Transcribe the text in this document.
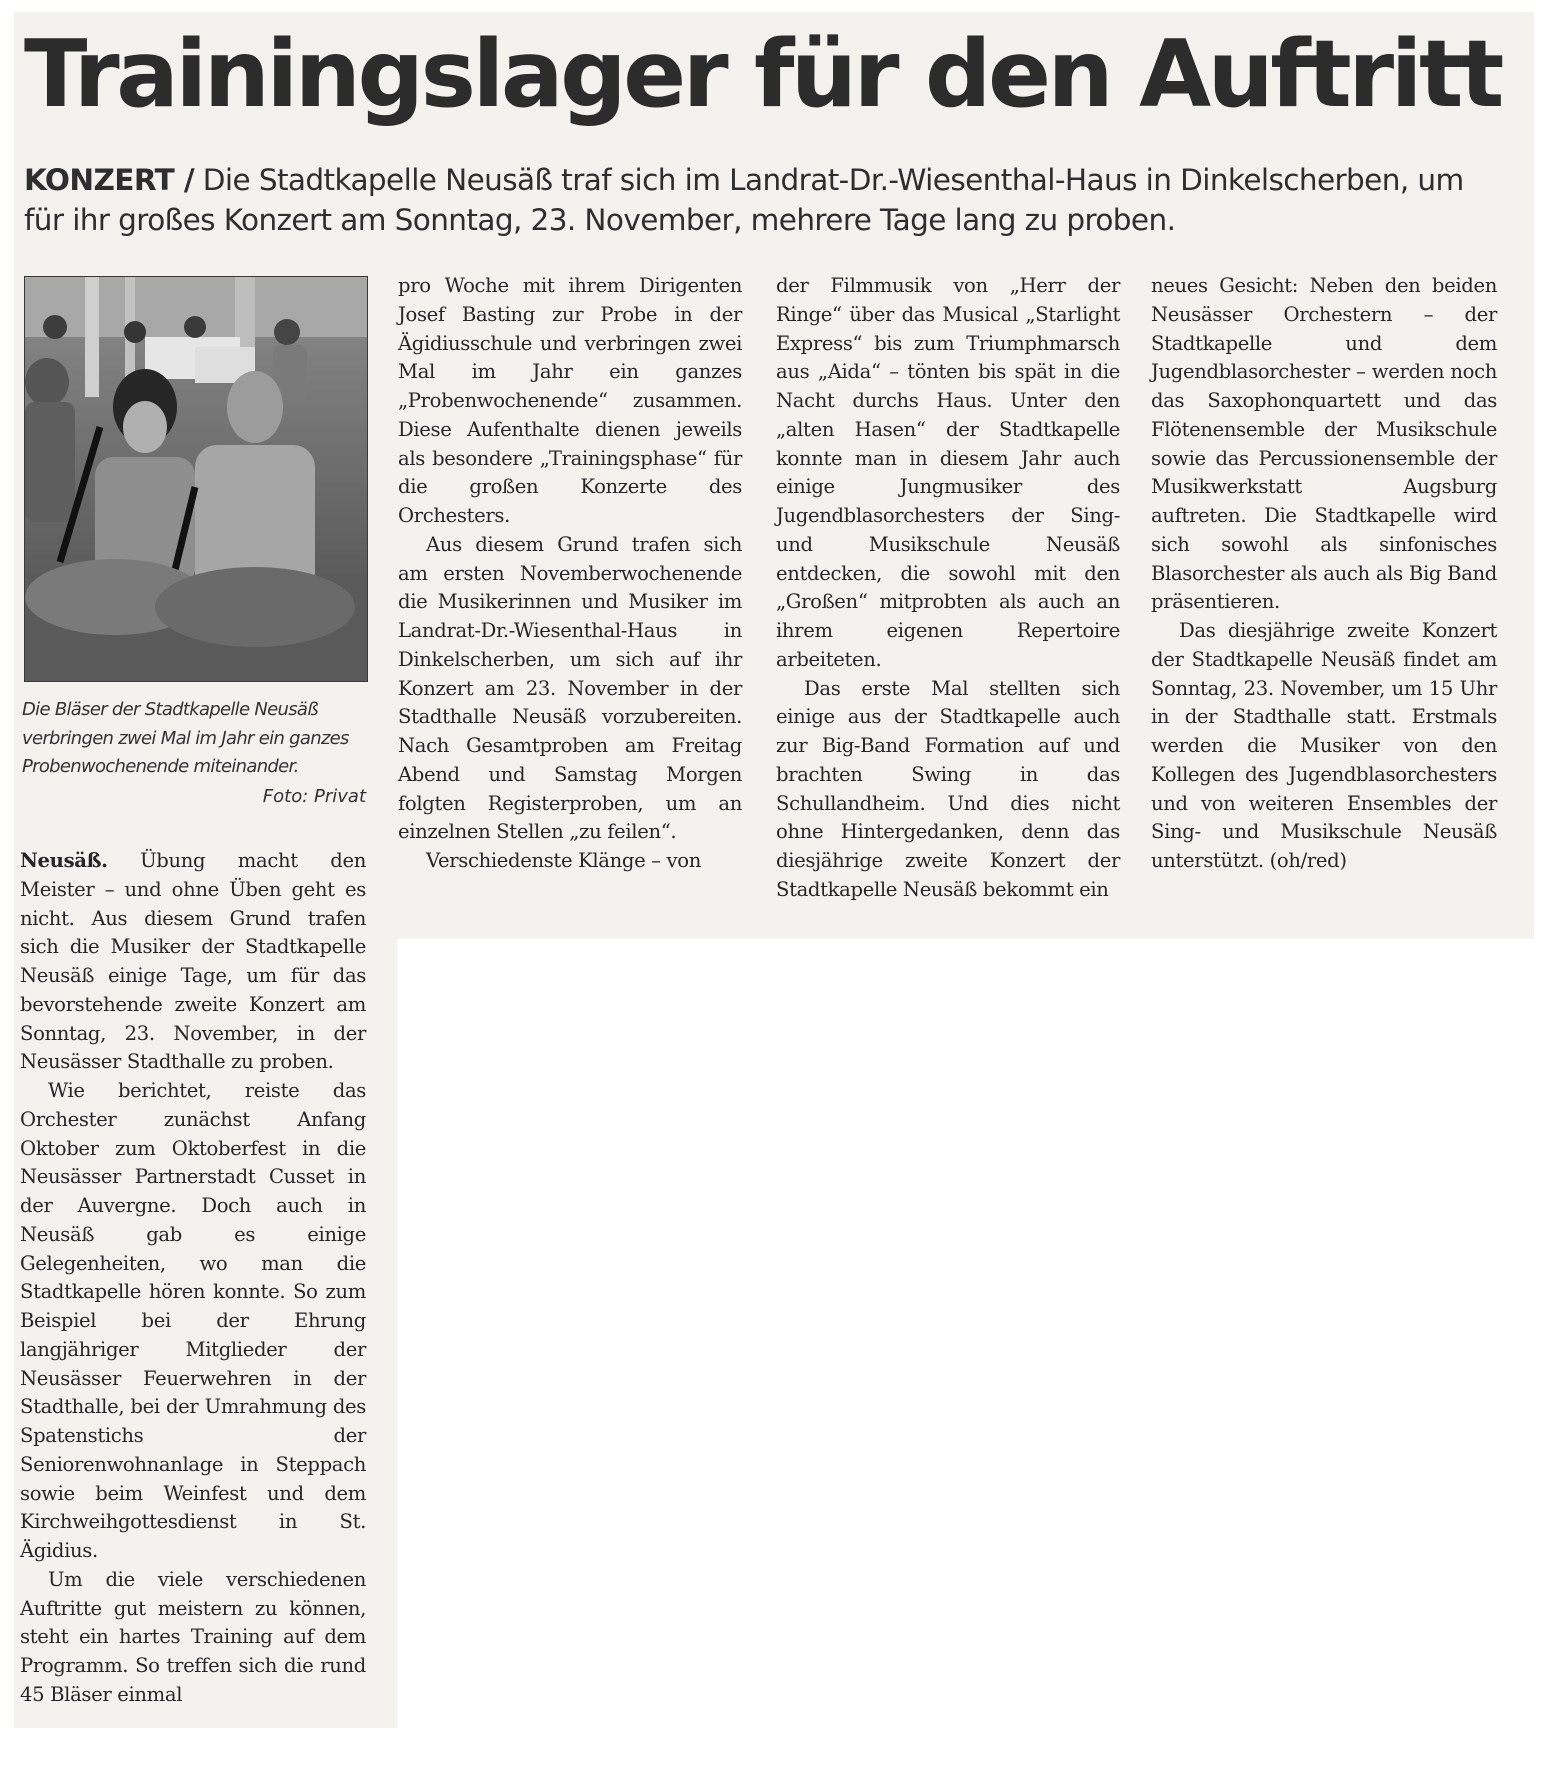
Trainingslager für den Auftritt

KONZERT / Die Stadtkapelle Neusäß traf sich im Landrat-Dr.-Wiesenthal-Haus in Dinkelscherben, um für ihr großes Konzert am Sonntag, 23. November, mehrere Tage lang zu proben.

Die Bläser der Stadtkapelle Neusäß verbringen zwei Mal im Jahr ein ganzes Probenwochenende miteinander.

Foto: Privat

Neusäß. Übung macht den Meister – und ohne Üben geht es nicht. Aus diesem Grund trafen sich die Musiker der Stadtkapelle Neusäß einige Tage, um für das bevorstehende zweite Konzert am Sonntag, 23. November, in der Neusässer Stadthalle zu proben.

Wie berichtet, reiste das Orchester zunächst Anfang Oktober zum Oktoberfest in die Neusässer Partnerstadt Cusset in der Auvergne. Doch auch in Neusäß gab es einige Gelegenheiten, wo man die Stadtkapelle hören konnte. So zum Beispiel bei der Ehrung langjähriger Mitglieder der Neusässer Feuerwehren in der Stadthalle, bei der Umrahmung des Spatenstichs der Seniorenwohnanlage in Steppach sowie beim Weinfest und dem Kirchweihgottesdienst in St. Ägidius.

Um die viele verschiedenen Auftritte gut meistern zu können, steht ein hartes Training auf dem Programm. So treffen sich die rund 45 Bläser einmal

pro Woche mit ihrem Dirigenten Josef Basting zur Probe in der Ägidiusschule und verbringen zwei Mal im Jahr ein ganzes „Probenwochenende“ zusammen. Diese Aufenthalte dienen jeweils als besondere „Trainingsphase“ für die großen Konzerte des Orchesters.

Aus diesem Grund trafen sich am ersten Novemberwochenende die Musikerinnen und Musiker im Landrat-Dr.-Wiesenthal-Haus in Dinkelscherben, um sich auf ihr Konzert am 23. November in der Stadthalle Neusäß vorzubereiten. Nach Gesamtproben am Freitag Abend und Samstag Morgen folgten Registerproben, um an einzelnen Stellen „zu feilen“.

Verschiedenste Klänge – von

der Filmmusik von „Herr der Ringe“ über das Musical „Starlight Express“ bis zum Triumphmarsch aus „Aida“ – tönten bis spät in die Nacht durchs Haus. Unter den „alten Hasen“ der Stadtkapelle konnte man in diesem Jahr auch einige Jungmusiker des Jugendblasorchesters der Sing- und Musikschule Neusäß entdecken, die sowohl mit den „Großen“ mitprobten als auch an ihrem eigenen Repertoire arbeiteten.

Das erste Mal stellten sich einige aus der Stadtkapelle auch zur Big-Band Formation auf und brachten Swing in das Schullandheim. Und dies nicht ohne Hintergedanken, denn das diesjährige zweite Konzert der Stadtkapelle Neusäß bekommt ein

neues Gesicht: Neben den beiden Neusässer Orchestern – der Stadtkapelle und dem Jugendblasorchester – werden noch das Saxophonquartett und das Flötenensemble der Musikschule sowie das Percussionensemble der Musikwerkstatt Augsburg auftreten. Die Stadtkapelle wird sich sowohl als sinfonisches Blasorchester als auch als Big Band präsentieren.

Das diesjährige zweite Konzert der Stadtkapelle Neusäß findet am Sonntag, 23. November, um 15 Uhr in der Stadthalle statt. Erstmals werden die Musiker von den Kollegen des Jugendblasorchesters und von weiteren Ensembles der Sing- und Musikschule Neusäß unterstützt. (oh/red)
